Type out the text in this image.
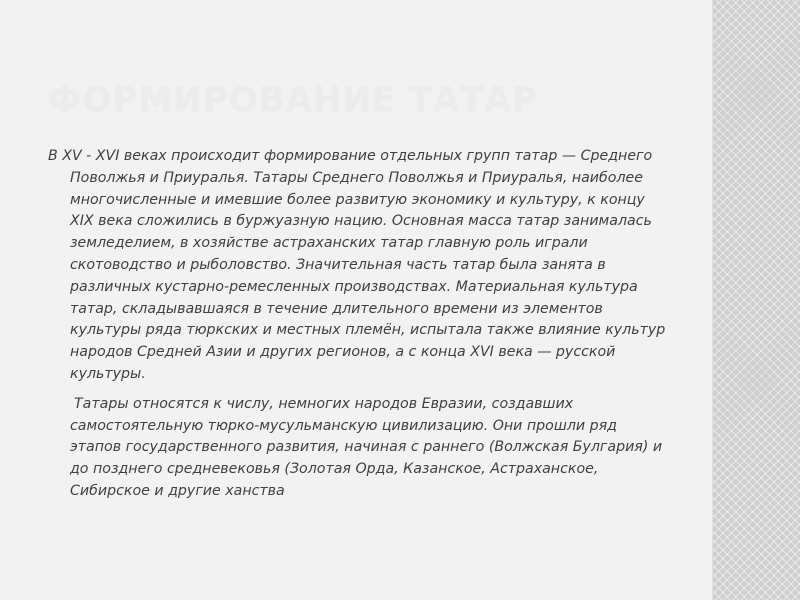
ФОРМИРОВАНИЕ ТАТАР

В XV - XVI веках происходит формирование отдельных групп татар — Среднего Поволжья и Приуралья. Татары Среднего Поволжья и Приуралья, наиболее многочисленные и имевшие более развитую экономику и культуру, к концу XIX века сложились в буржуазную нацию. Основная масса татар занималась земледелием, в хозяйстве астраханских татар главную роль играли скотоводство и рыболовство. Значительная часть татар была занята в различных кустарно-ремесленных производствах. Материальная культура татар, складывавшаяся в течение длительного времени из элементов культуры ряда тюркских и местных племён, испытала также влияние культур народов Средней Азии и других регионов, а с конца XVI века — русской культуры.

Татары относятся к числу, немногих народов Евразии, создавших самостоятельную тюрко-мусульманскую цивилизацию. Они прошли ряд этапов государственного развития, начиная с раннего (Волжская Булгария) и до позднего средневековья (Золотая Орда, Казанское, Астраханское, Сибирское и другие ханства
